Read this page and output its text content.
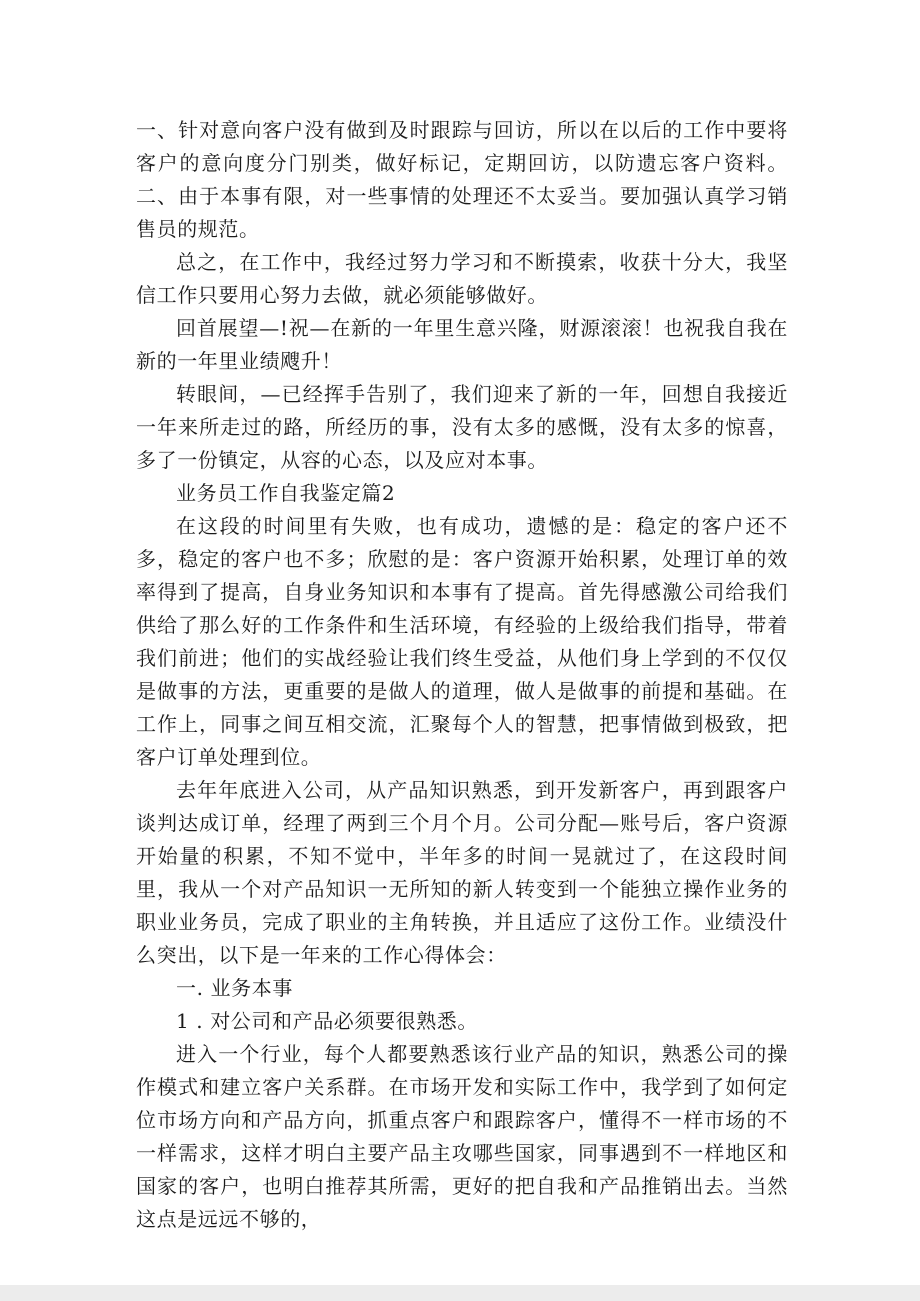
一、针对意向客户没有做到及时跟踪与回访，所以在以后的工作中要将客户的意向度分门别类，做好标记，定期回访，以防遗忘客户资料。二、由于本事有限，对一些事情的处理还不太妥当。要加强认真学习销售员的规范。

总之，在工作中，我经过努力学习和不断摸索，收获十分大，我坚信工作只要用心努力去做，就必须能够做好。

回首展望—!祝—在新的一年里生意兴隆，财源滚滚！也祝我自我在新的一年里业绩飕升！

转眼间，—已经挥手告别了，我们迎来了新的一年，回想自我接近一年来所走过的路，所经历的事，没有太多的感慨，没有太多的惊喜，多了一份镇定，从容的心态，以及应对本事。

业务员工作自我鉴定篇2

在这段的时间里有失败，也有成功，遗憾的是：稳定的客户还不多，稳定的客户也不多；欣慰的是：客户资源开始积累，处理订单的效率得到了提高，自身业务知识和本事有了提高。首先得感激公司给我们供给了那么好的工作条件和生活环境，有经验的上级给我们指导，带着我们前进；他们的实战经验让我们终生受益，从他们身上学到的不仅仅是做事的方法，更重要的是做人的道理，做人是做事的前提和基础。在工作上，同事之间互相交流，汇聚每个人的智慧，把事情做到极致，把客户订单处理到位。

去年年底进入公司，从产品知识熟悉，到开发新客户，再到跟客户谈判达成订单，经理了两到三个月个月。公司分配—账号后，客户资源开始量的积累，不知不觉中，半年多的时间一晃就过了，在这段时间里，我从一个对产品知识一无所知的新人转变到一个能独立操作业务的职业业务员，完成了职业的主角转换，并且适应了这份工作。业绩没什么突出，以下是一年来的工作心得体会：

一. 业务本事

1 . 对公司和产品必须要很熟悉。

进入一个行业，每个人都要熟悉该行业产品的知识，熟悉公司的操作模式和建立客户关系群。在市场开发和实际工作中，我学到了如何定位市场方向和产品方向，抓重点客户和跟踪客户，懂得不一样市场的不一样需求，这样才明白主要产品主攻哪些国家，同事遇到不一样地区和国家的客户，也明白推荐其所需，更好的把自我和产品推销出去。当然这点是远远不够的，
